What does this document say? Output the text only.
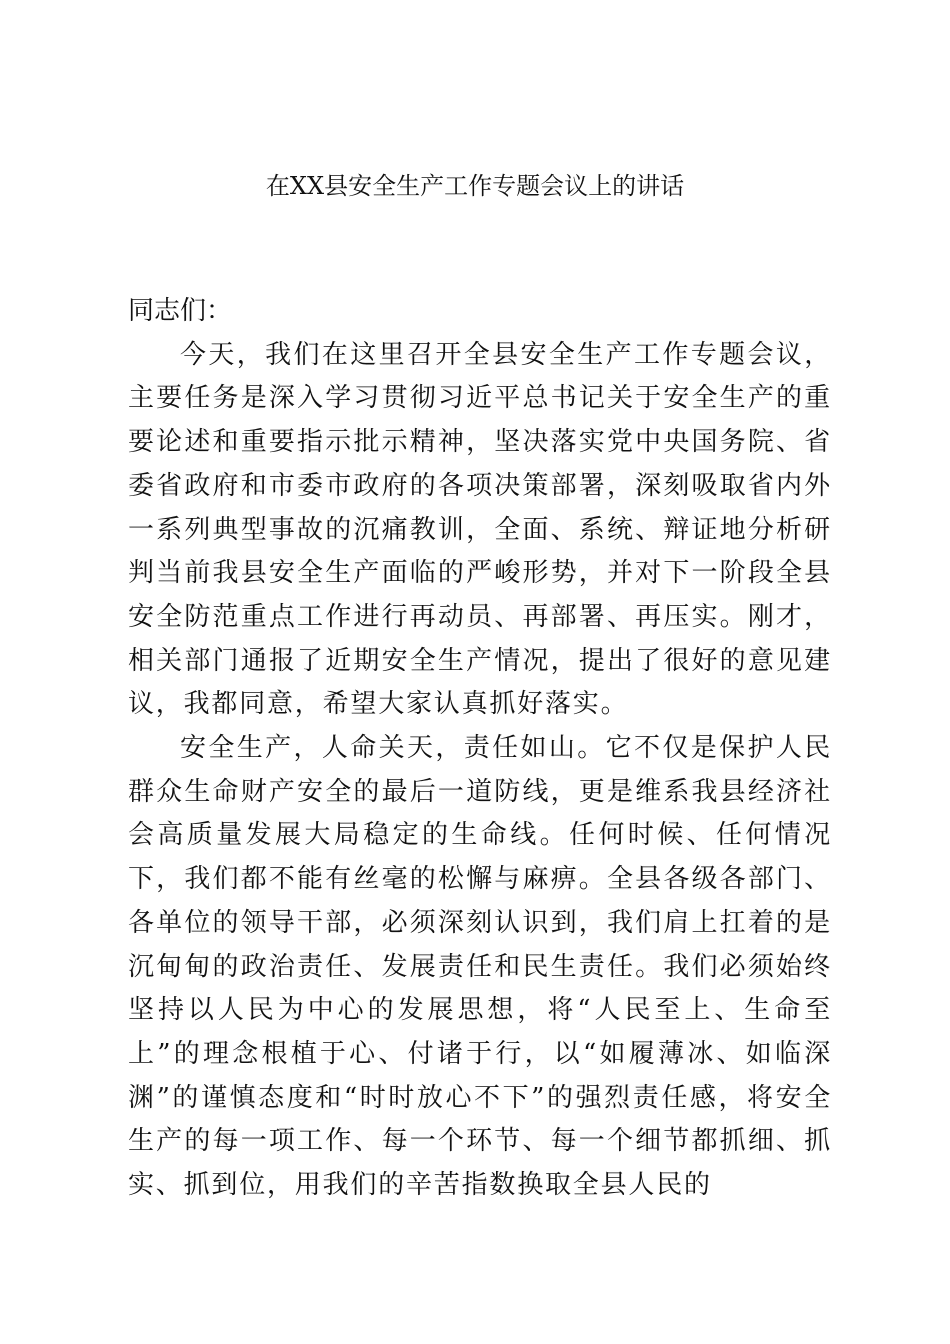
在XX县安全生产工作专题会议上的讲话

同志们：

今天，我们在这里召开全县安全生产工作专题会议，主要任务是深入学习贯彻习近平总书记关于安全生产的重要论述和重要指示批示精神，坚决落实党中央国务院、省委省政府和市委市政府的各项决策部署，深刻吸取省内外一系列典型事故的沉痛教训，全面、系统、辩证地分析研判当前我县安全生产面临的严峻形势，并对下一阶段全县安全防范重点工作进行再动员、再部署、再压实。刚才，相关部门通报了近期安全生产情况，提出了很好的意见建议，我都同意，希望大家认真抓好落实。

安全生产，人命关天，责任如山。它不仅是保护人民群众生命财产安全的最后一道防线，更是维系我县经济社会高质量发展大局稳定的生命线。任何时候、任何情况下，我们都不能有丝毫的松懈与麻痹。全县各级各部门、各单位的领导干部，必须深刻认识到，我们肩上扛着的是沉甸甸的政治责任、发展责任和民生责任。我们必须始终坚持以人民为中心的发展思想，将“人民至上、生命至上”的理念根植于心、付诸于行，以“如履薄冰、如临深渊”的谨慎态度和“时时放心不下”的强烈责任感，将安全生产的每一项工作、每一个环节、每一个细节都抓细、抓实、抓到位，用我们的辛苦指数换取全县人民的
